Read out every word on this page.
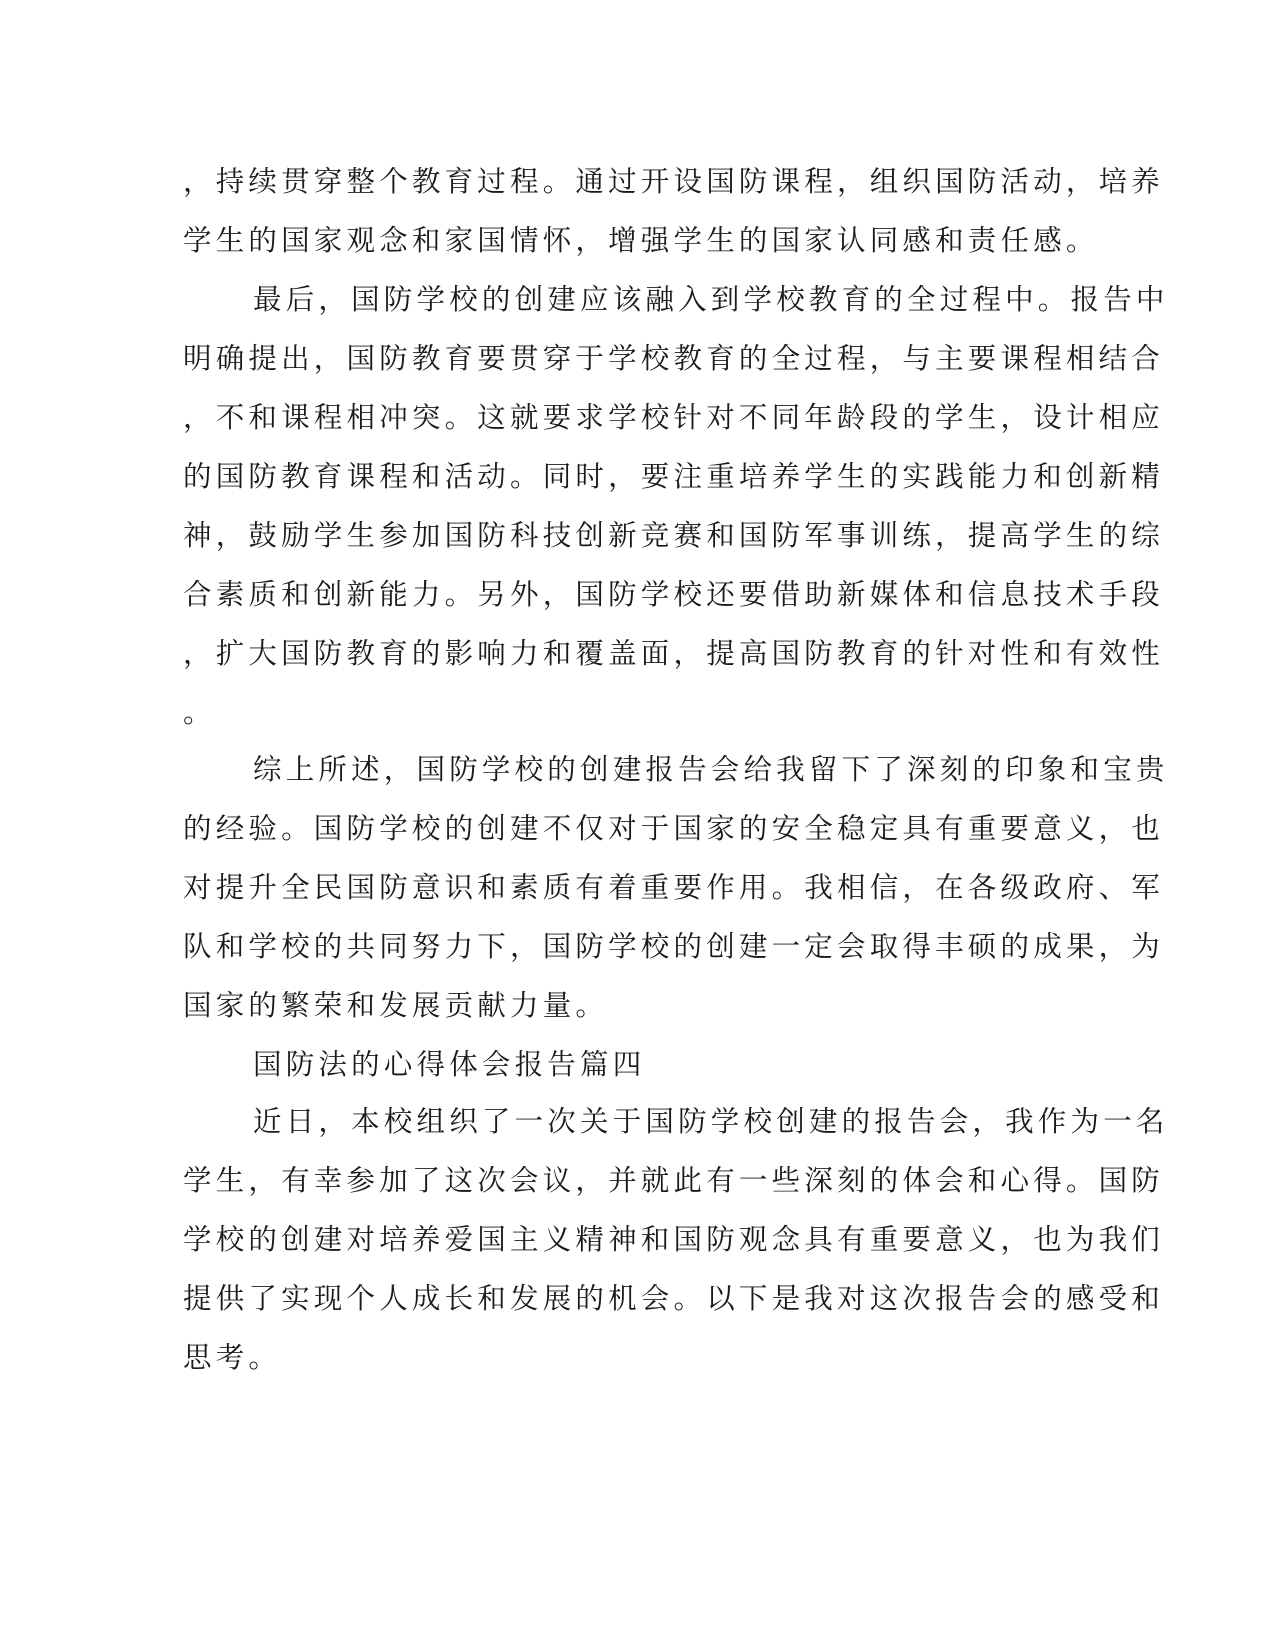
，持续贯穿整个教育过程。通过开设国防课程，组织国防活动，培养
学生的国家观念和家国情怀，增强学生的国家认同感和责任感。
最后，国防学校的创建应该融入到学校教育的全过程中。报告中
明确提出，国防教育要贯穿于学校教育的全过程，与主要课程相结合
，不和课程相冲突。这就要求学校针对不同年龄段的学生，设计相应
的国防教育课程和活动。同时，要注重培养学生的实践能力和创新精
神，鼓励学生参加国防科技创新竞赛和国防军事训练，提高学生的综
合素质和创新能力。另外，国防学校还要借助新媒体和信息技术手段
，扩大国防教育的影响力和覆盖面，提高国防教育的针对性和有效性
。
综上所述，国防学校的创建报告会给我留下了深刻的印象和宝贵
的经验。国防学校的创建不仅对于国家的安全稳定具有重要意义，也
对提升全民国防意识和素质有着重要作用。我相信，在各级政府、军
队和学校的共同努力下，国防学校的创建一定会取得丰硕的成果，为
国家的繁荣和发展贡献力量。
国防法的心得体会报告篇四
近日，本校组织了一次关于国防学校创建的报告会，我作为一名
学生，有幸参加了这次会议，并就此有一些深刻的体会和心得。国防
学校的创建对培养爱国主义精神和国防观念具有重要意义，也为我们
提供了实现个人成长和发展的机会。以下是我对这次报告会的感受和
思考。
